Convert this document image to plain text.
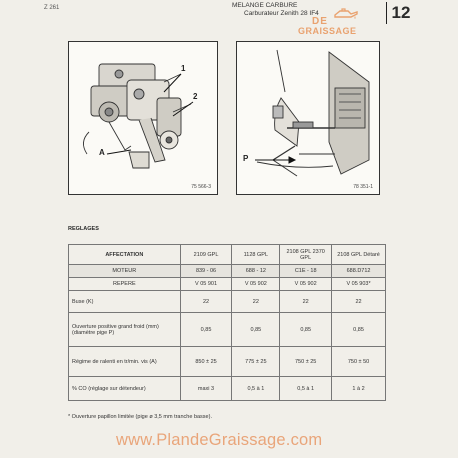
Z 261	MELANGE CARBURE
Carburateur Zenith 28 IF4
DE
GRAISSAGE
12
1
2
A
75 566-3
P
78 351-1
REGLAGES
AFFECTATION	2109 GPL	1128 GPL	2108 GPL 2370 GPL	2108 GPL Détaré
MOTEUR	839 - 06	688 - 12	C1E - 18	688.D712
REPERE	V 05 901	V 05 902	V 05 902	V 05 903*
Buse (K)	22	22	22	22
Ouverture positive grand froid (mm) (diamètre pige P)	0,85	0,85	0,85	0,85
Régime de ralenti en tr/min. vis (A)	850 ± 25	775 ± 25	750 ± 25	750 ± 50
% CO (réglage sur détendeur)	maxi 3	0,5 à 1	0,5 à 1	1 à 2
* Ouverture papillon limitée (pige ø 3,5 mm tranche basse).
www.PlandeGraissage.com
